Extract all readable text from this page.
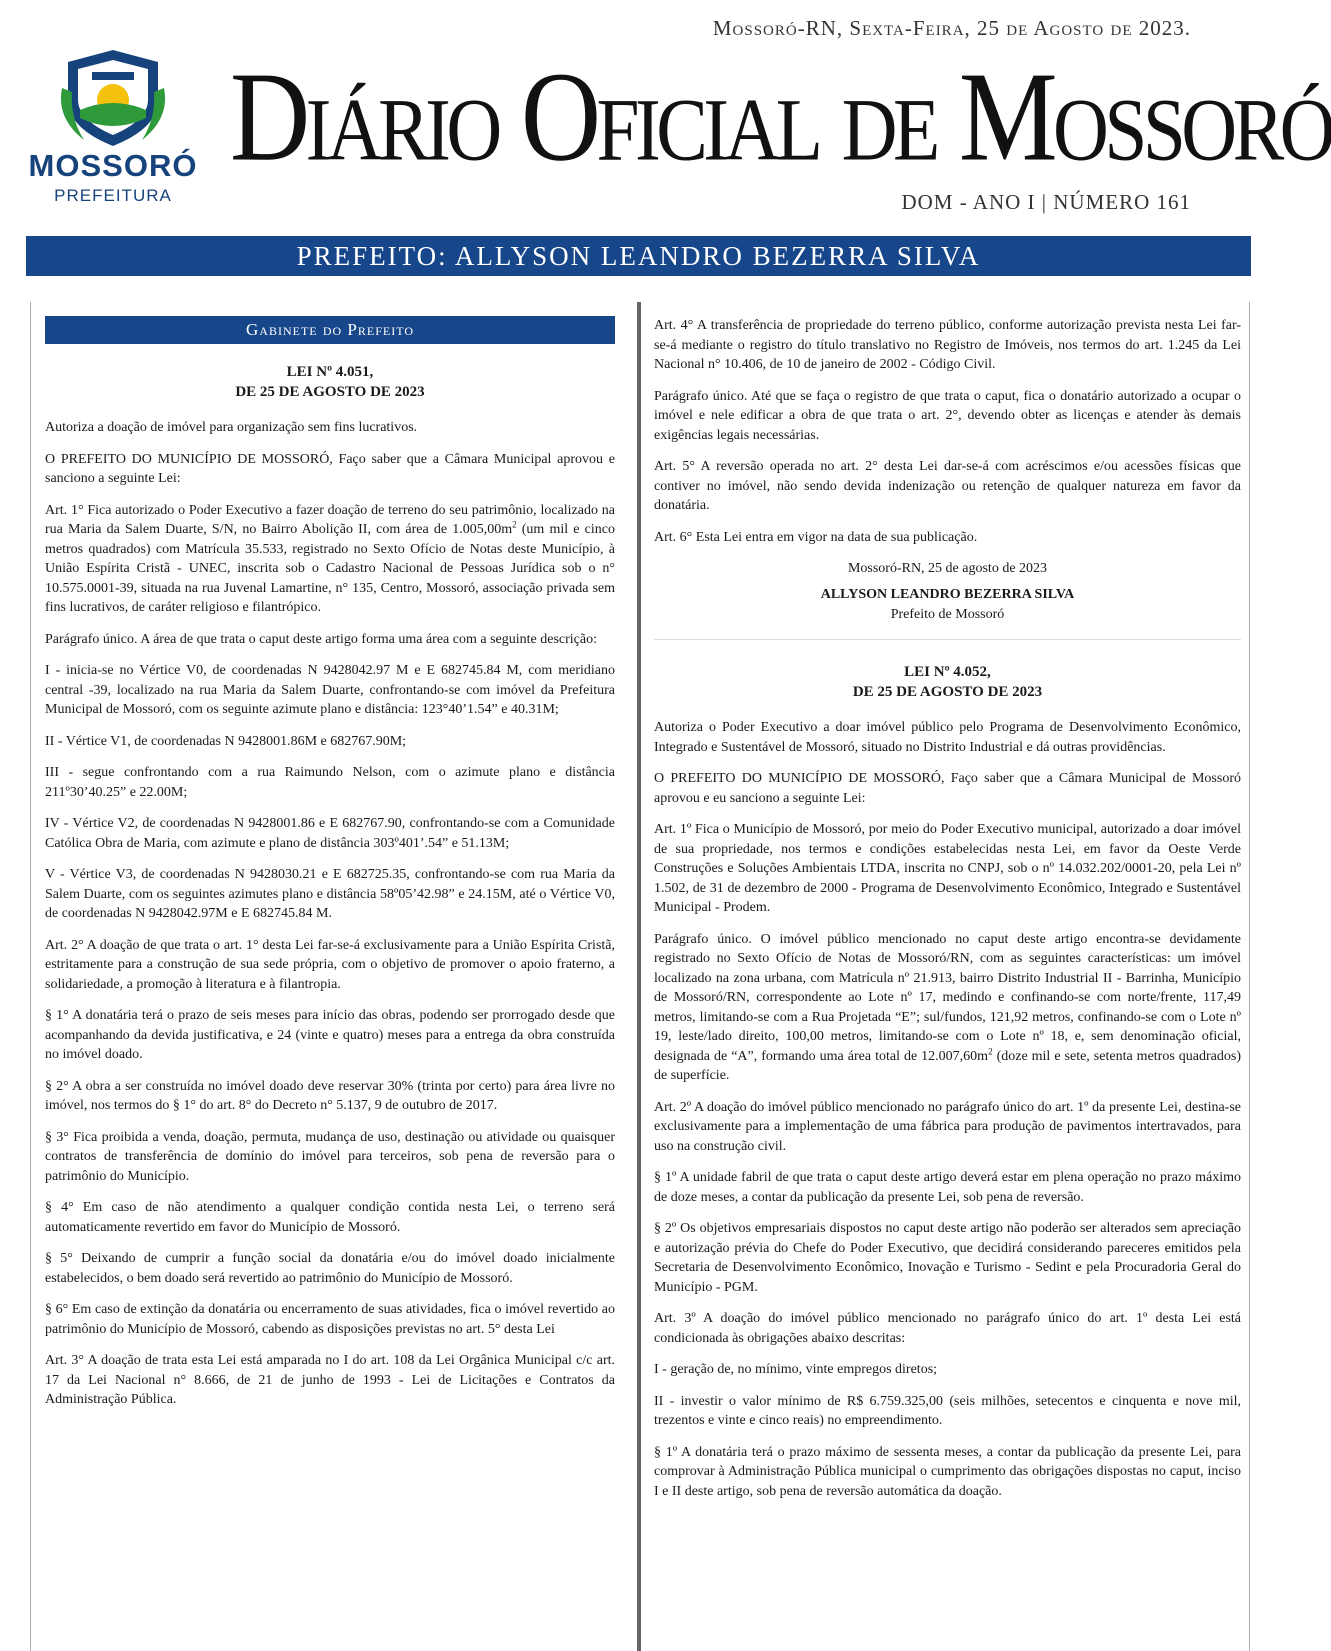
Mossoró-RN, Sexta-Feira, 25 de Agosto de 2023.
MOSSORÓ
PREFEITURA
Diário Oficial de Mossoró
DOM - ANO I | NÚMERO 161
PREFEITO: ALLYSON LEANDRO BEZERRA SILVA
Gabinete do Prefeito
LEI Nº 4.051,
DE 25 DE AGOSTO DE 2023

Autoriza a doação de imóvel para organização sem fins lucrativos.

O PREFEITO DO MUNICÍPIO DE MOSSORÓ, Faço saber que a Câmara Municipal aprovou e sanciono a seguinte Lei:

Art. 1° Fica autorizado o Poder Executivo a fazer doação de terreno do seu patrimônio, localizado na rua Maria da Salem Duarte, S/N, no Bairro Abolição II, com área de $1.005,00m^2$ (um mil e cinco metros quadrados) com Matrícula 35.533, registrado no Sexto Ofício de Notas deste Município, à União Espírita Cristã - UNEC, inscrita sob o Cadastro Nacional de Pessoas Jurídica sob o n° 10.575.0001-39, situada na rua Juvenal Lamartine, n° 135, Centro, Mossoró, associação privada sem fins lucrativos, de caráter religioso e filantrópico.

Parágrafo único. A área de que trata o caput deste artigo forma uma área com a seguinte descrição:

I - inicia-se no Vértice V0, de coordenadas N 9428042.97 M e E 682745.84 M, com meridiano central -39, localizado na rua Maria da Salem Duarte, confrontando-se com imóvel da Prefeitura Municipal de Mossoró, com os seguinte azimute plano e distância: 123°40’1.54” e 40.31M;

II - Vértice V1, de coordenadas N 9428001.86M e 682767.90M;

III - segue confrontando com a rua Raimundo Nelson, com o azimute plano e distância 211º30’40.25” e 22.00M;

IV - Vértice V2, de coordenadas N 9428001.86 e E 682767.90, confrontando-se com a Comunidade Católica Obra de Maria, com azimute e plano de distância 303º401’.54” e 51.13M;

V - Vértice V3, de coordenadas N 9428030.21 e E 682725.35, confrontando-se com rua Maria da Salem Duarte, com os seguintes azimutes plano e distância 58º05’42.98” e 24.15M, até o Vértice V0, de coordenadas N 9428042.97M e E 682745.84 M.

Art. 2° A doação de que trata o art. 1° desta Lei far-se-á exclusivamente para a União Espírita Cristã, estritamente para a construção de sua sede própria, com o objetivo de promover o apoio fraterno, a solidariedade, a promoção à literatura e à filantropia.

§ 1° A donatária terá o prazo de seis meses para início das obras, podendo ser prorrogado desde que acompanhando da devida justificativa, e 24 (vinte e quatro) meses para a entrega da obra construída no imóvel doado.

§ 2° A obra a ser construída no imóvel doado deve reservar 30% (trinta por certo) para área livre no imóvel, nos termos do § 1° do art. 8° do Decreto n° 5.137, 9 de outubro de 2017.

§ 3° Fica proibida a venda, doação, permuta, mudança de uso, destinação ou atividade ou quaisquer contratos de transferência de domínio do imóvel para terceiros, sob pena de reversão para o patrimônio do Município.

§ 4° Em caso de não atendimento a qualquer condição contida nesta Lei, o terreno será automaticamente revertido em favor do Município de Mossoró.

§ 5° Deixando de cumprir a função social da donatária e/ou do imóvel doado inicialmente estabelecidos, o bem doado será revertido ao patrimônio do Município de Mossoró.

§ 6° Em caso de extinção da donatária ou encerramento de suas atividades, fica o imóvel revertido ao patrimônio do Município de Mossoró, cabendo as disposições previstas no art. 5° desta Lei

Art. 3° A doação de trata esta Lei está amparada no I do art. 108 da Lei Orgânica Municipal c/c art. 17 da Lei Nacional n° 8.666, de 21 de junho de 1993 - Lei de Licitações e Contratos da Administração Pública.

Art. 4° A transferência de propriedade do terreno público, conforme autorização prevista nesta Lei far-se-á mediante o registro do título translativo no Registro de Imóveis, nos termos do art. 1.245 da Lei Nacional n° 10.406, de 10 de janeiro de 2002 - Código Civil.

Parágrafo único. Até que se faça o registro de que trata o caput, fica o donatário autorizado a ocupar o imóvel e nele edificar a obra de que trata o art. 2°, devendo obter as licenças e atender às demais exigências legais necessárias.

Art. 5° A reversão operada no art. 2° desta Lei dar-se-á com acréscimos e/ou acessões físicas que contiver no imóvel, não sendo devida indenização ou retenção de qualquer natureza em favor da donatária.

Art. 6° Esta Lei entra em vigor na data de sua publicação.

Mossoró-RN, 25 de agosto de 2023
ALLYSON LEANDRO BEZERRA SILVA
Prefeito de Mossoró
LEI Nº 4.052,
DE 25 DE AGOSTO DE 2023

Autoriza o Poder Executivo a doar imóvel público pelo Programa de Desenvolvimento Econômico, Integrado e Sustentável de Mossoró, situado no Distrito Industrial e dá outras providências.

O PREFEITO DO MUNICÍPIO DE MOSSORÓ, Faço saber que a Câmara Municipal de Mossoró aprovou e eu sanciono a seguinte Lei:

Art. 1º Fica o Município de Mossoró, por meio do Poder Executivo municipal, autorizado a doar imóvel de sua propriedade, nos termos e condições estabelecidas nesta Lei, em favor da Oeste Verde Construções e Soluções Ambientais LTDA, inscrita no CNPJ, sob o nº 14.032.202/0001-20, pela Lei nº 1.502, de 31 de dezembro de 2000 - Programa de Desenvolvimento Econômico, Integrado e Sustentável Municipal - Prodem.

Parágrafo único. O imóvel público mencionado no caput deste artigo encontra-se devidamente registrado no Sexto Ofício de Notas de Mossoró/RN, com as seguintes características: um imóvel localizado na zona urbana, com Matrícula nº 21.913, bairro Distrito Industrial II - Barrinha, Município de Mossoró/RN, correspondente ao Lote nº 17, medindo e confinando-se com norte/frente, 117,49 metros, limitando-se com a Rua Projetada “E”; sul/fundos, 121,92 metros, confinando-se com o Lote nº 19, leste/lado direito, 100,00 metros, limitando-se com o Lote nº 18, e, sem denominação oficial, designada de “A”, formando uma área total de $12.007,60m^2$ (doze mil e sete, setenta metros quadrados) de superfície.

Art. 2º A doação do imóvel público mencionado no parágrafo único do art. 1º da presente Lei, destina-se exclusivamente para a implementação de uma fábrica para produção de pavimentos intertravados, para uso na construção civil.

§ 1º A unidade fabril de que trata o caput deste artigo deverá estar em plena operação no prazo máximo de doze meses, a contar da publicação da presente Lei, sob pena de reversão.

§ 2º Os objetivos empresariais dispostos no caput deste artigo não poderão ser alterados sem apreciação e autorização prévia do Chefe do Poder Executivo, que decidirá considerando pareceres emitidos pela Secretaria de Desenvolvimento Econômico, Inovação e Turismo - Sedint e pela Procuradoria Geral do Município - PGM.

Art. 3º A doação do imóvel público mencionado no parágrafo único do art. 1º desta Lei está condicionada às obrigações abaixo descritas:

I - geração de, no mínimo, vinte empregos diretos;

II - investir o valor mínimo de R$ 6.759.325,00 (seis milhões, setecentos e cinquenta e nove mil, trezentos e vinte e cinco reais) no empreendimento.

§ 1º A donatária terá o prazo máximo de sessenta meses, a contar da publicação da presente Lei, para comprovar à Administração Pública municipal o cumprimento das obrigações dispostas no caput, inciso I e II deste artigo, sob pena de reversão automática da doação.
